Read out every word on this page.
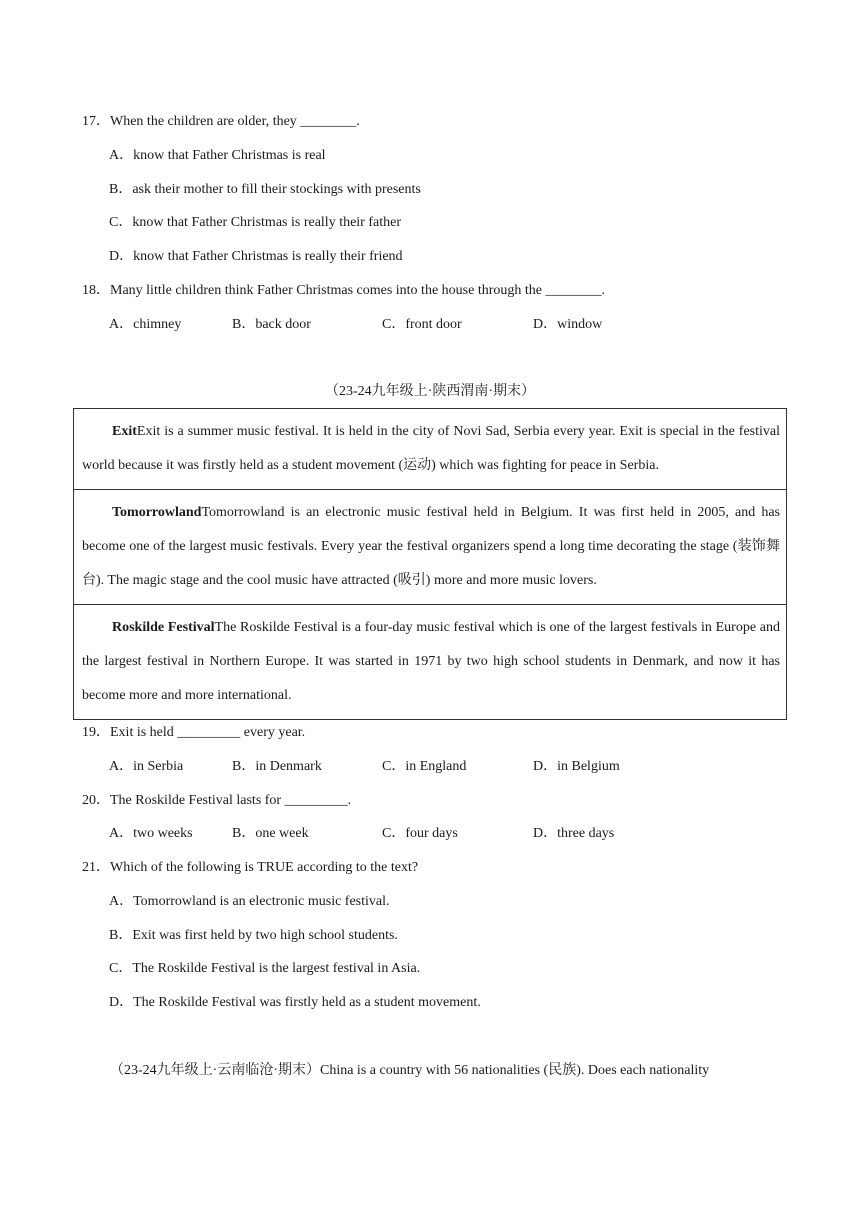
17．When the children are older, they ________.
A．know that Father Christmas is real
B．ask their mother to fill their stockings with presents
C．know that Father Christmas is really their father
D．know that Father Christmas is really their friend
18．Many little children think Father Christmas comes into the house through the ________.
A．chimney	B．back door	C．front door	D．window
（23-24九年级上·陕西渭南·期末）
ExitExit is a summer music festival. It is held in the city of Novi Sad, Serbia every year. Exit is special in the festival world because it was firstly held as a student movement (运动) which was fighting for peace in Serbia.
TomorrowlandTomorrowland is an electronic music festival held in Belgium. It was first held in 2005, and has become one of the largest music festivals. Every year the festival organizers spend a long time decorating the stage (装饰舞台). The magic stage and the cool music have attracted (吸引) more and more music lovers.
Roskilde FestivalThe Roskilde Festival is a four-day music festival which is one of the largest festivals in Europe and the largest festival in Northern Europe. It was started in 1971 by two high school students in Denmark, and now it has become more and more international.
19．Exit is held _________ every year.
A．in Serbia	B．in Denmark	C．in England	D．in Belgium
20．The Roskilde Festival lasts for _________.
A．two weeks	B．one week	C．four days	D．three days
21．Which of the following is TRUE according to the text?
A．Tomorrowland is an electronic music festival.
B．Exit was first held by two high school students.
C．The Roskilde Festival is the largest festival in Asia.
D．The Roskilde Festival was firstly held as a student movement.
（23-24九年级上·云南临沧·期末）China is a country with 56 nationalities (民族). Does each nationality
